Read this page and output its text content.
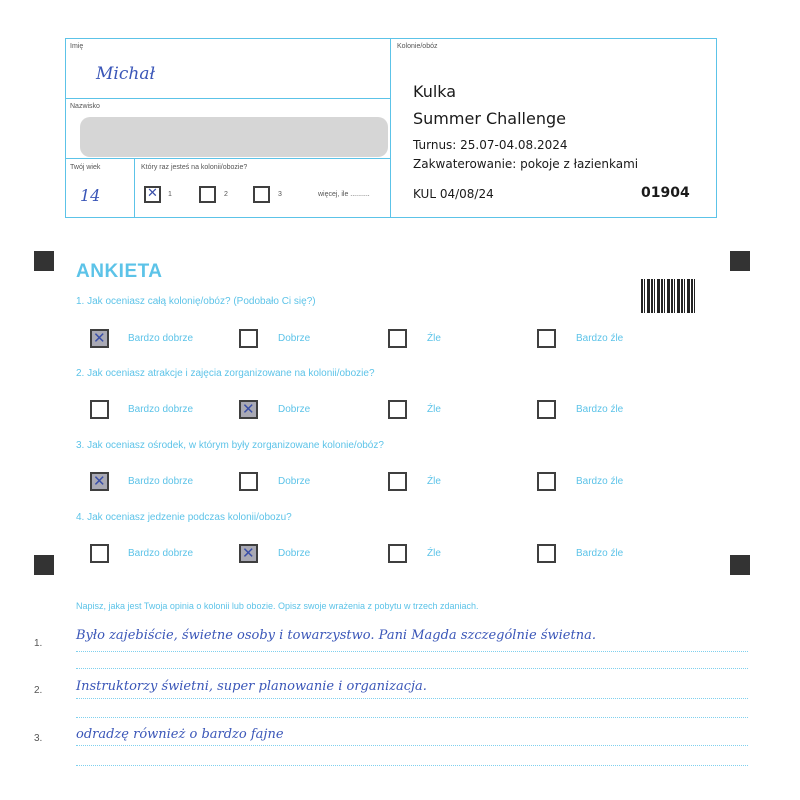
Imię
Michał
Nazwisko
Twój wiek
14
Który raz jesteś na kolonii/obozie?
✕
1	2	3	więcej, ile ..........
Kolonie/obóz
Kulka
Summer Challenge
Turnus: 25.07-04.08.2024
Zakwaterowanie: pokoje z łazienkami
KUL 04/08/24	01904
ANKIETA
1. Jak oceniasz całą kolonię/obóz? (Podobało Ci się?)
✕
Bardzo dobrze	Dobrze	Źle	Bardzo źle
2. Jak oceniasz atrakcje i zajęcia zorganizowane na kolonii/obozie?
Bardzo dobrze ✕	Dobrze	Źle	Bardzo źle
3. Jak oceniasz ośrodek, w którym były zorganizowane kolonie/obóz?
✕
Bardzo dobrze	Dobrze	Źle	Bardzo źle
4. Jak oceniasz jedzenie podczas kolonii/obozu?
Bardzo dobrze ✕	Dobrze	Źle	Bardzo źle
Napisz, jaka jest Twoja opinia o kolonii lub obozie. Opisz swoje wrażenia z pobytu w trzech zdaniach.
1.
Było zajebiście, świetne osoby i towarzystwo. Pani Magda szczególnie świetna.
2.	Instruktorzy świetni, super planowanie i organizacja.
3.	odradzę również o bardzo fajne
